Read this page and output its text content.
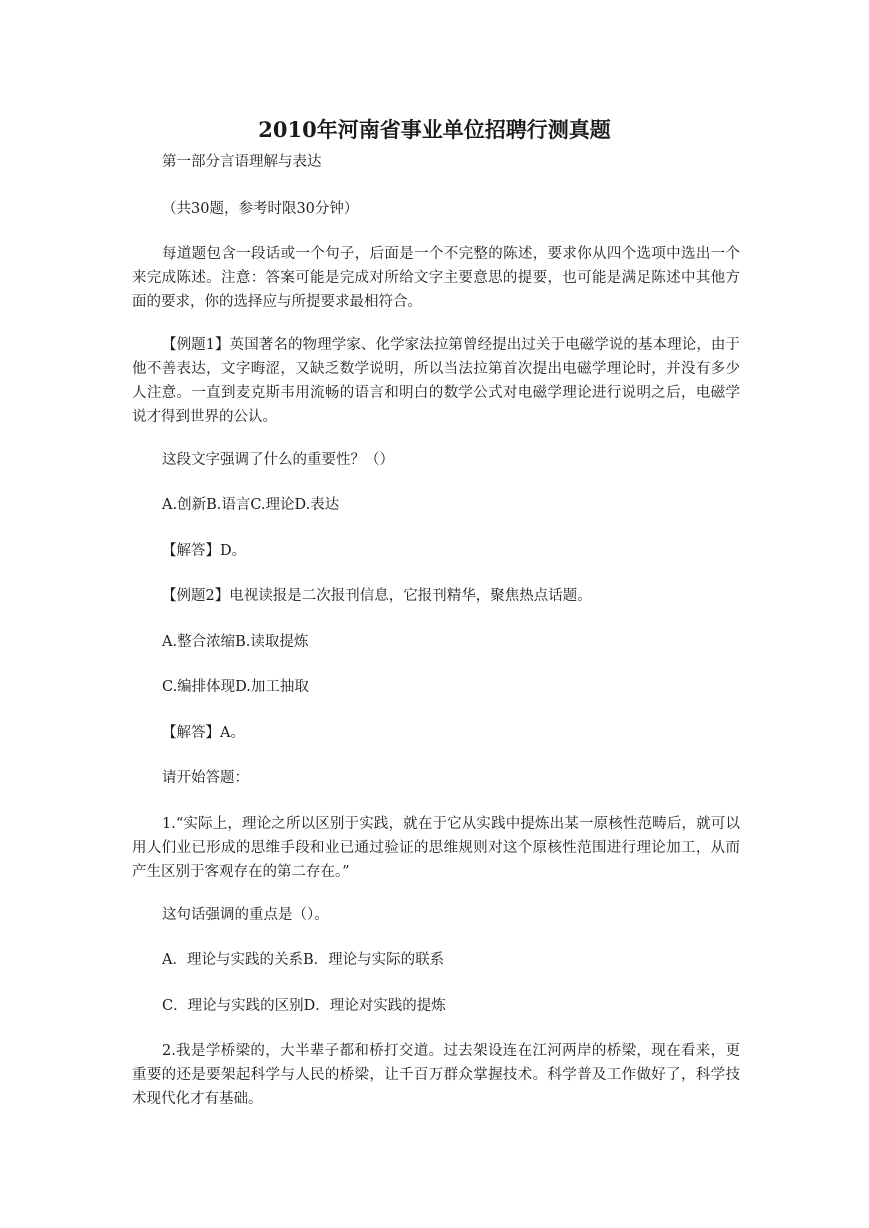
2010年河南省事业单位招聘行测真题

第一部分言语理解与表达

（共30题，参考时限30分钟）

每道题包含一段话或一个句子，后面是一个不完整的陈述，要求你从四个选项中选出一个来完成陈述。注意：答案可能是完成对所给文字主要意思的提要，也可能是满足陈述中其他方面的要求，你的选择应与所提要求最相符合。

【例题1】英国著名的物理学家、化学家法拉第曾经提出过关于电磁学说的基本理论，由于他不善表达，文字晦涩，又缺乏数学说明，所以当法拉第首次提出电磁学理论时，并没有多少人注意。一直到麦克斯韦用流畅的语言和明白的数学公式对电磁学理论进行说明之后，电磁学说才得到世界的公认。

这段文字强调了什么的重要性？（）

A.创新B.语言C.理论D.表达

【解答】D。

【例题2】电视读报是二次报刊信息，它报刊精华，聚焦热点话题。

A.整合浓缩B.读取提炼

C.编排体现D.加工抽取

【解答】A。

请开始答题：

1.“实际上，理论之所以区别于实践，就在于它从实践中提炼出某一原核性范畴后，就可以用人们业已形成的思维手段和业已通过验证的思维规则对这个原核性范围进行理论加工，从而产生区别于客观存在的第二存在。”

这句话强调的重点是（）。

A．理论与实践的关系B．理论与实际的联系

C．理论与实践的区别D．理论对实践的提炼

2.我是学桥梁的，大半辈子都和桥打交道。过去架设连在江河两岸的桥梁，现在看来，更重要的还是要架起科学与人民的桥梁，让千百万群众掌握技术。科学普及工作做好了，科学技术现代化才有基础。
